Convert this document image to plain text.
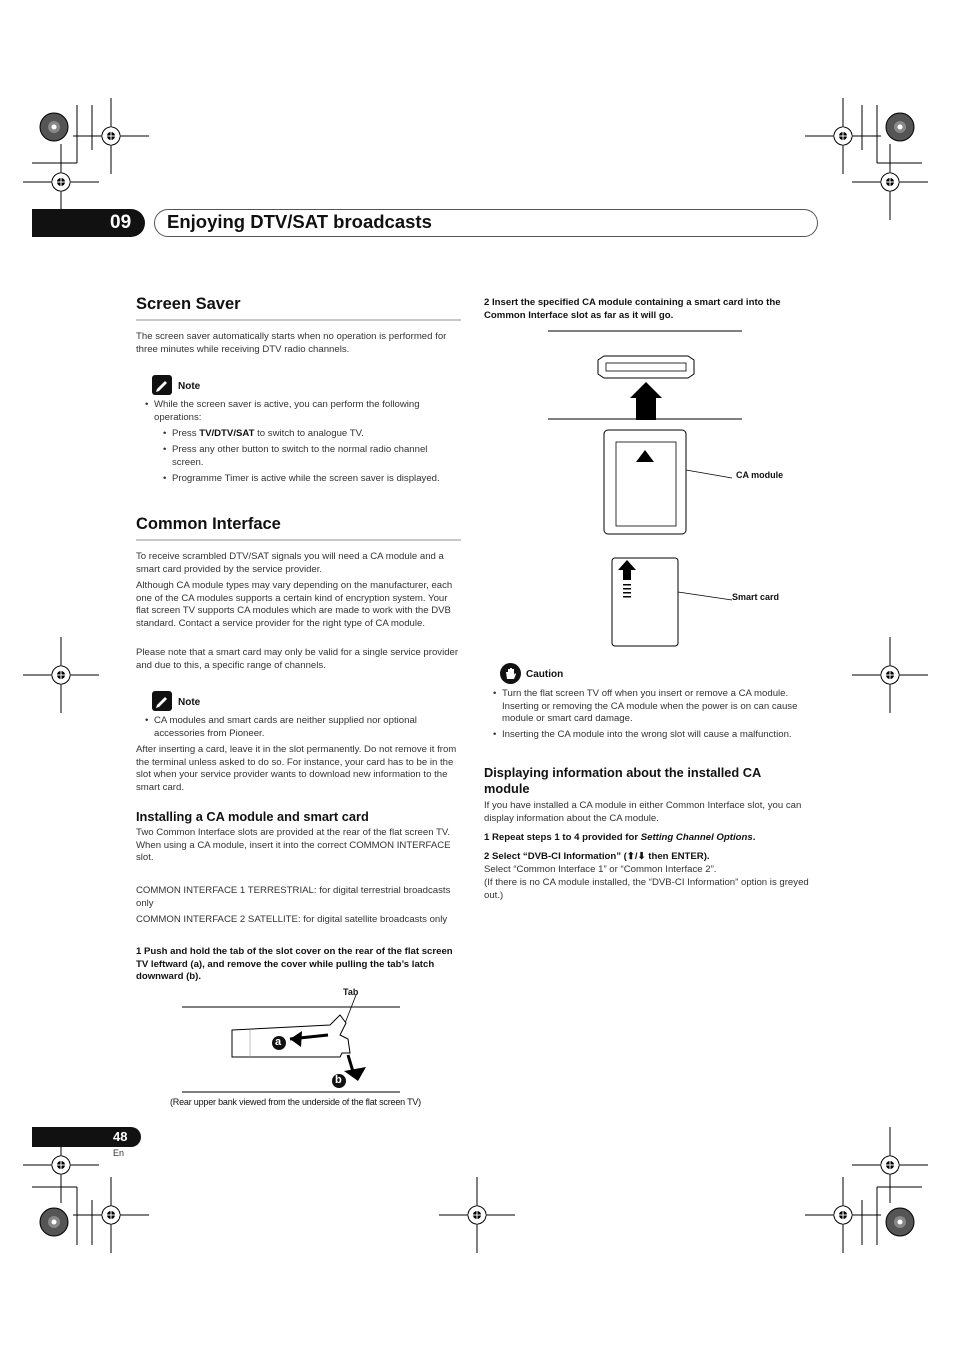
09 Enjoying DTV/SAT broadcasts
Screen Saver
The screen saver automatically starts when no operation is performed for three minutes while receiving DTV radio channels.
Note
• While the screen saver is active, you can perform the following operations:
• Press TV/DTV/SAT to switch to analogue TV.
• Press any other button to switch to the normal radio channel screen.
• Programme Timer is active while the screen saver is displayed.
Common Interface
To receive scrambled DTV/SAT signals you will need a CA module and a smart card provided by the service provider.
Although CA module types may vary depending on the manufacturer, each one of the CA modules supports a certain kind of encryption system. Your flat screen TV supports CA modules which are made to work with the DVB standard. Contact a service provider for the right type of CA module.
Please note that a smart card may only be valid for a single service provider and due to this, a specific range of channels.
Note
• CA modules and smart cards are neither supplied nor optional accessories from Pioneer.
After inserting a card, leave it in the slot permanently. Do not remove it from the terminal unless asked to do so. For instance, your card has to be in the slot when your service provider wants to download new information to the smart card.
Installing a CA module and smart card
Two Common Interface slots are provided at the rear of the flat screen TV. When using a CA module, insert it into the correct COMMON INTERFACE slot.
COMMON INTERFACE 1 TERRESTRIAL: for digital terrestrial broadcasts only
COMMON INTERFACE 2 SATELLITE: for digital satellite broadcasts only
1 Push and hold the tab of the slot cover on the rear of the flat screen TV leftward (a), and remove the cover while pulling the tab’s latch downward (b).
Tab
a
b
(Rear upper bank viewed from the underside of the flat screen TV)
2 Insert the specified CA module containing a smart card into the Common Interface slot as far as it will go.
CA module
Smart card
Caution
• Turn the flat screen TV off when you insert or remove a CA module. Inserting or removing the CA module when the power is on can cause module or smart card damage.
• Inserting the CA module into the wrong slot will cause a malfunction.
Displaying information about the installed CA module
If you have installed a CA module in either Common Interface slot, you can display information about the CA module.
1 Repeat steps 1 to 4 provided for Setting Channel Options.
2 Select “DVB-CI Information” (⬆/⬇ then ENTER).
Select “Common Interface 1” or “Common Interface 2”.
(If there is no CA module installed, the “DVB-CI Information” option is greyed out.)
48
En
